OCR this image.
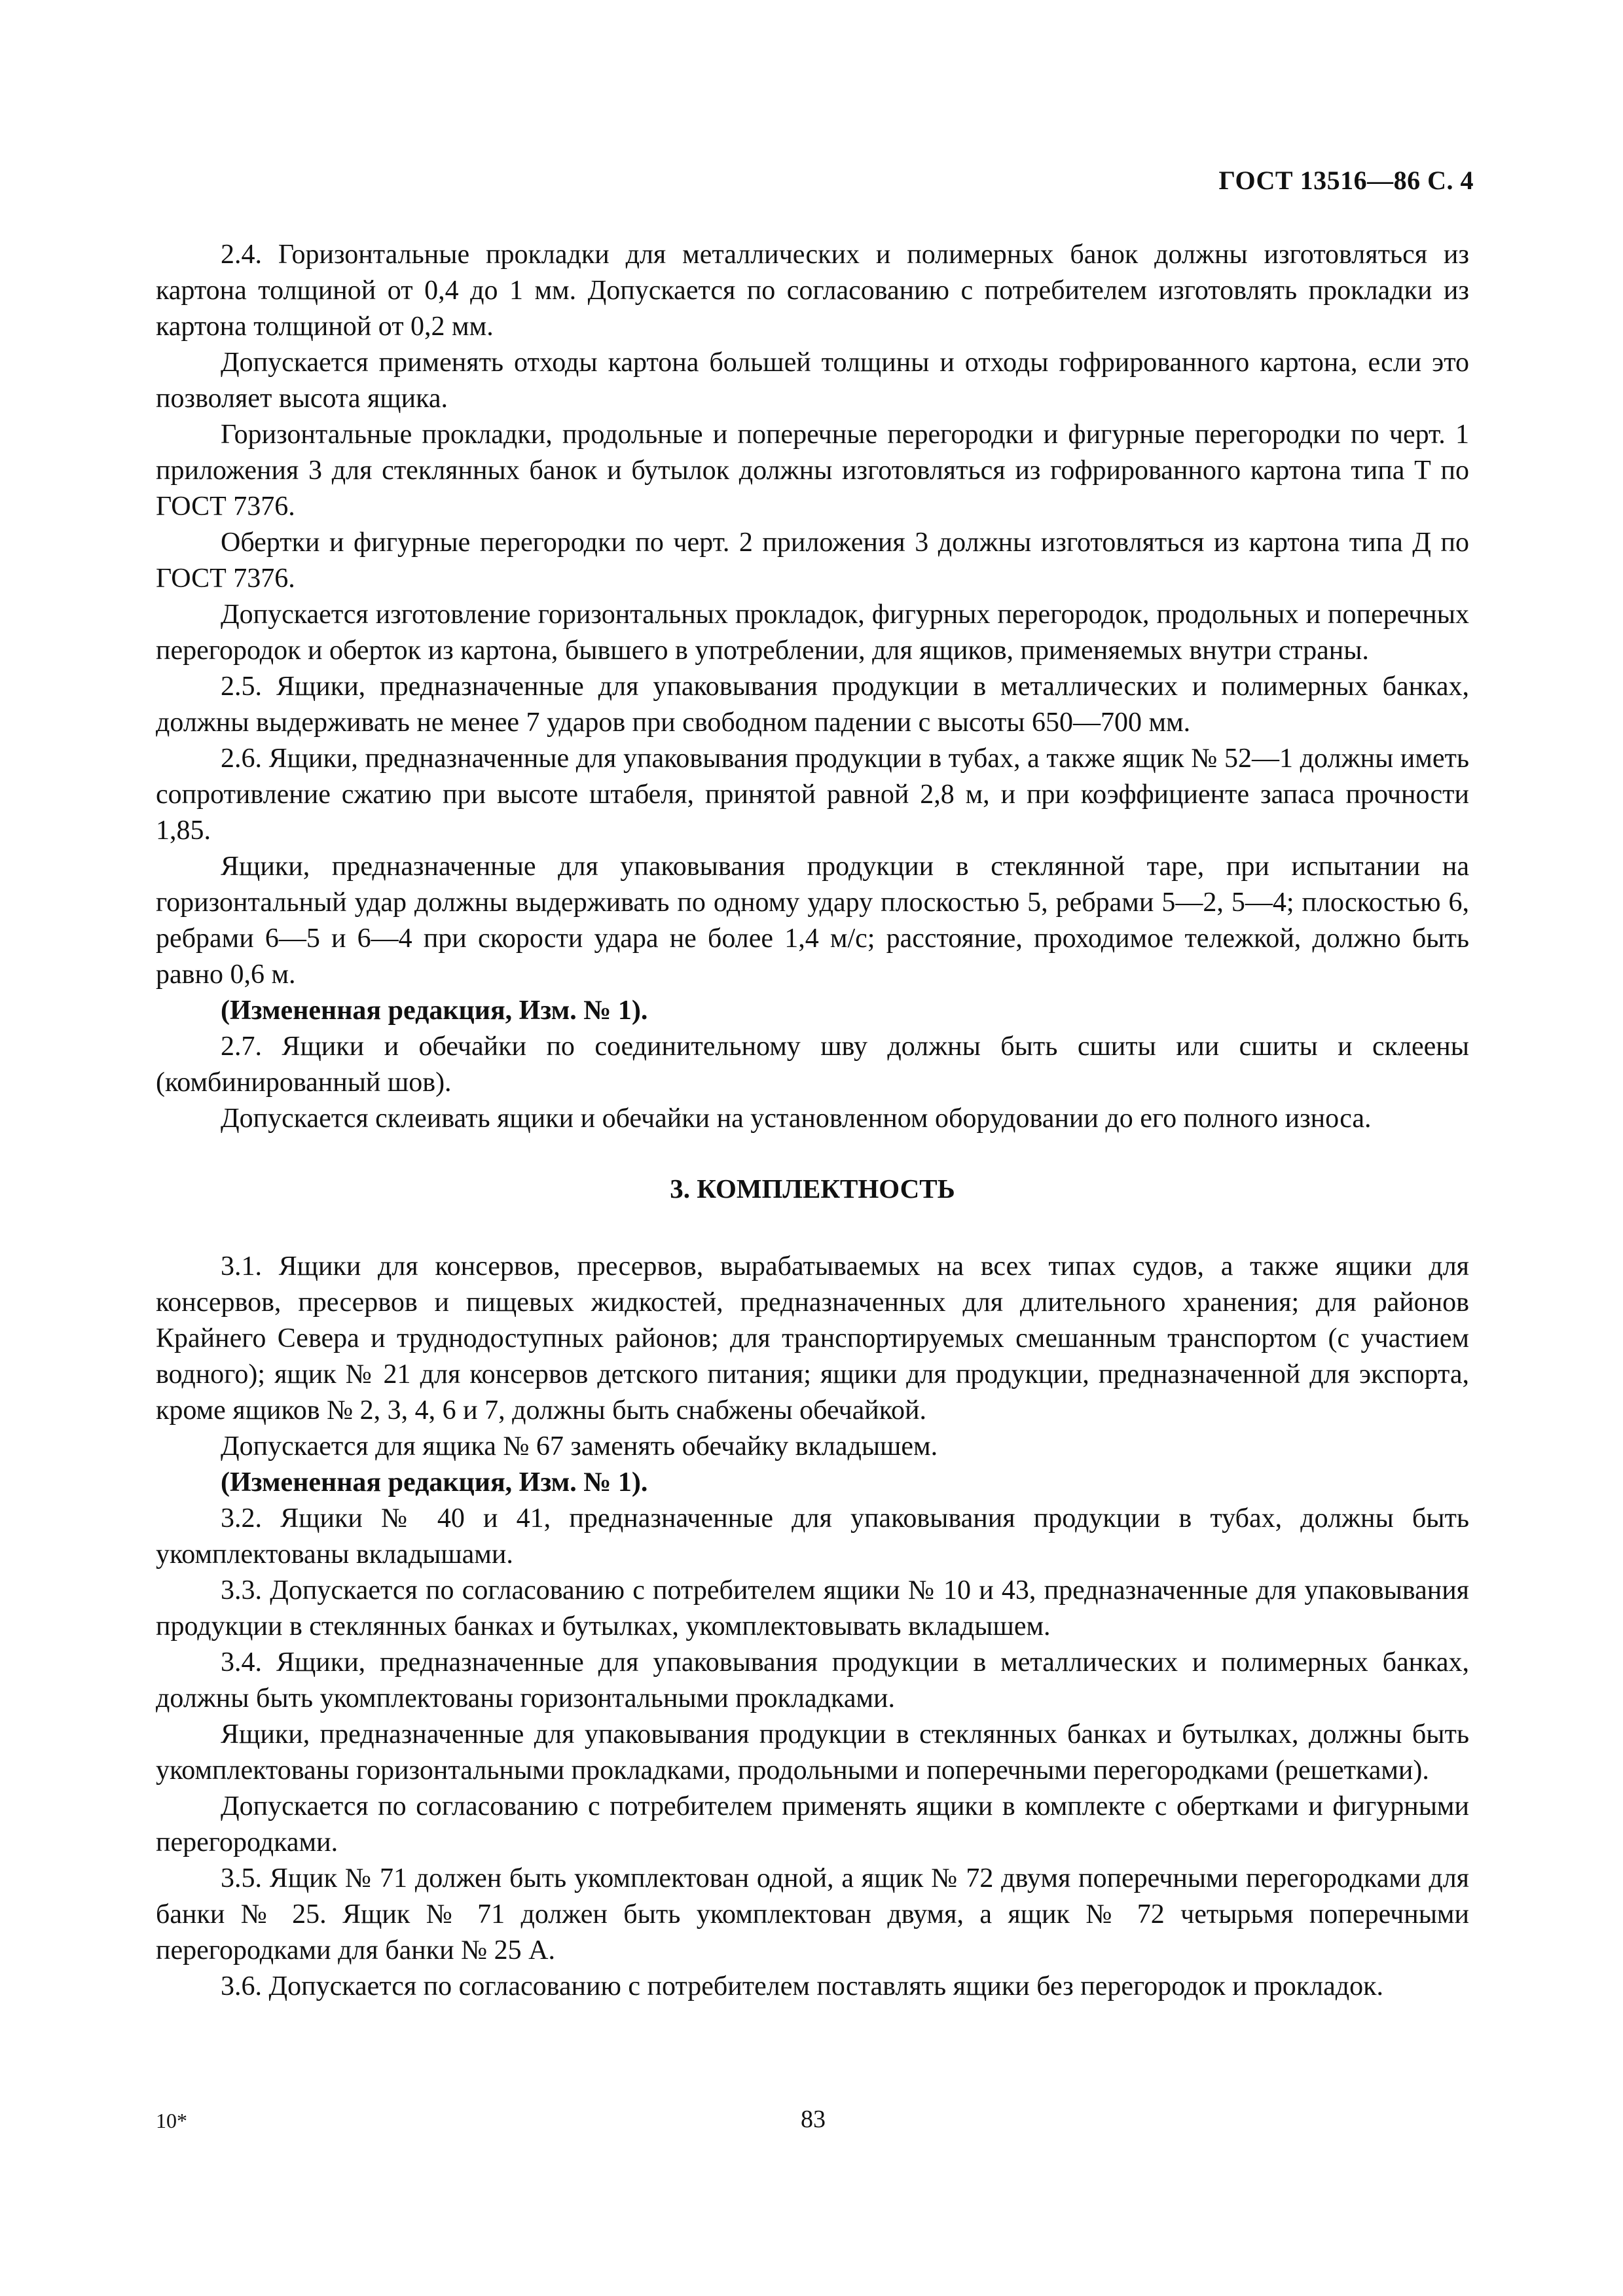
ГОСТ 13516—86 С. 4

2.4. Горизонтальные прокладки для металлических и полимерных банок должны изготовляться из картона толщиной от 0,4 до 1 мм. Допускается по согласованию с потребителем изготовлять прокладки из картона толщиной от 0,2 мм.

Допускается применять отходы картона большей толщины и отходы гофрированного картона, если это позволяет высота ящика.

Горизонтальные прокладки, продольные и поперечные перегородки и фигурные перегородки по черт. 1 приложения 3 для стеклянных банок и бутылок должны изготовляться из гофрированного картона типа Т по ГОСТ 7376.

Обертки и фигурные перегородки по черт. 2 приложения 3 должны изготовляться из картона типа Д по ГОСТ 7376.

Допускается изготовление горизонтальных прокладок, фигурных перегородок, продольных и поперечных перегородок и оберток из картона, бывшего в употреблении, для ящиков, применяемых внутри страны.

2.5. Ящики, предназначенные для упаковывания продукции в металлических и полимерных банках, должны выдерживать не менее 7 ударов при свободном падении с высоты 650—700 мм.

2.6. Ящики, предназначенные для упаковывания продукции в тубах, а также ящик № 52—1 должны иметь сопротивление сжатию при высоте штабеля, принятой равной 2,8 м, и при коэффициенте запаса прочности 1,85.

Ящики, предназначенные для упаковывания продукции в стеклянной таре, при испытании на горизонтальный удар должны выдерживать по одному удару плоскостью 5, ребрами 5—2, 5—4; плоскостью 6, ребрами 6—5 и 6—4 при скорости удара не более 1,4 м/с; расстояние, проходимое тележкой, должно быть равно 0,6 м.

(Измененная редакция, Изм. № 1).

2.7. Ящики и обечайки по соединительному шву должны быть сшиты или сшиты и склеены (комбинированный шов).

Допускается склеивать ящики и обечайки на установленном оборудовании до его полного износа.

3. КОМПЛЕКТНОСТЬ

3.1. Ящики для консервов, пресервов, вырабатываемых на всех типах судов, а также ящики для консервов, пресервов и пищевых жидкостей, предназначенных для длительного хранения; для районов Крайнего Севера и труднодоступных районов; для транспортируемых смешанным транспортом (с участием водного); ящик № 21 для консервов детского питания; ящики для продукции, предназначенной для экспорта, кроме ящиков № 2, 3, 4, 6 и 7, должны быть снабжены обечайкой.

Допускается для ящика № 67 заменять обечайку вкладышем.

(Измененная редакция, Изм. № 1).

3.2. Ящики № 40 и 41, предназначенные для упаковывания продукции в тубах, должны быть укомплектованы вкладышами.

3.3. Допускается по согласованию с потребителем ящики № 10 и 43, предназначенные для упаковывания продукции в стеклянных банках и бутылках, укомплектовывать вкладышем.

3.4. Ящики, предназначенные для упаковывания продукции в металлических и полимерных банках, должны быть укомплектованы горизонтальными прокладками.

Ящики, предназначенные для упаковывания продукции в стеклянных банках и бутылках, должны быть укомплектованы горизонтальными прокладками, продольными и поперечными перегородками (решетками).

Допускается по согласованию с потребителем применять ящики в комплекте с обертками и фигурными перегородками.

3.5. Ящик № 71 должен быть укомплектован одной, а ящик № 72 двумя поперечными перегородками для банки № 25. Ящик № 71 должен быть укомплектован двумя, а ящик № 72 четырьмя поперечными перегородками для банки № 25 А.

3.6. Допускается по согласованию с потребителем поставлять ящики без перегородок и прокладок.

10*	83
